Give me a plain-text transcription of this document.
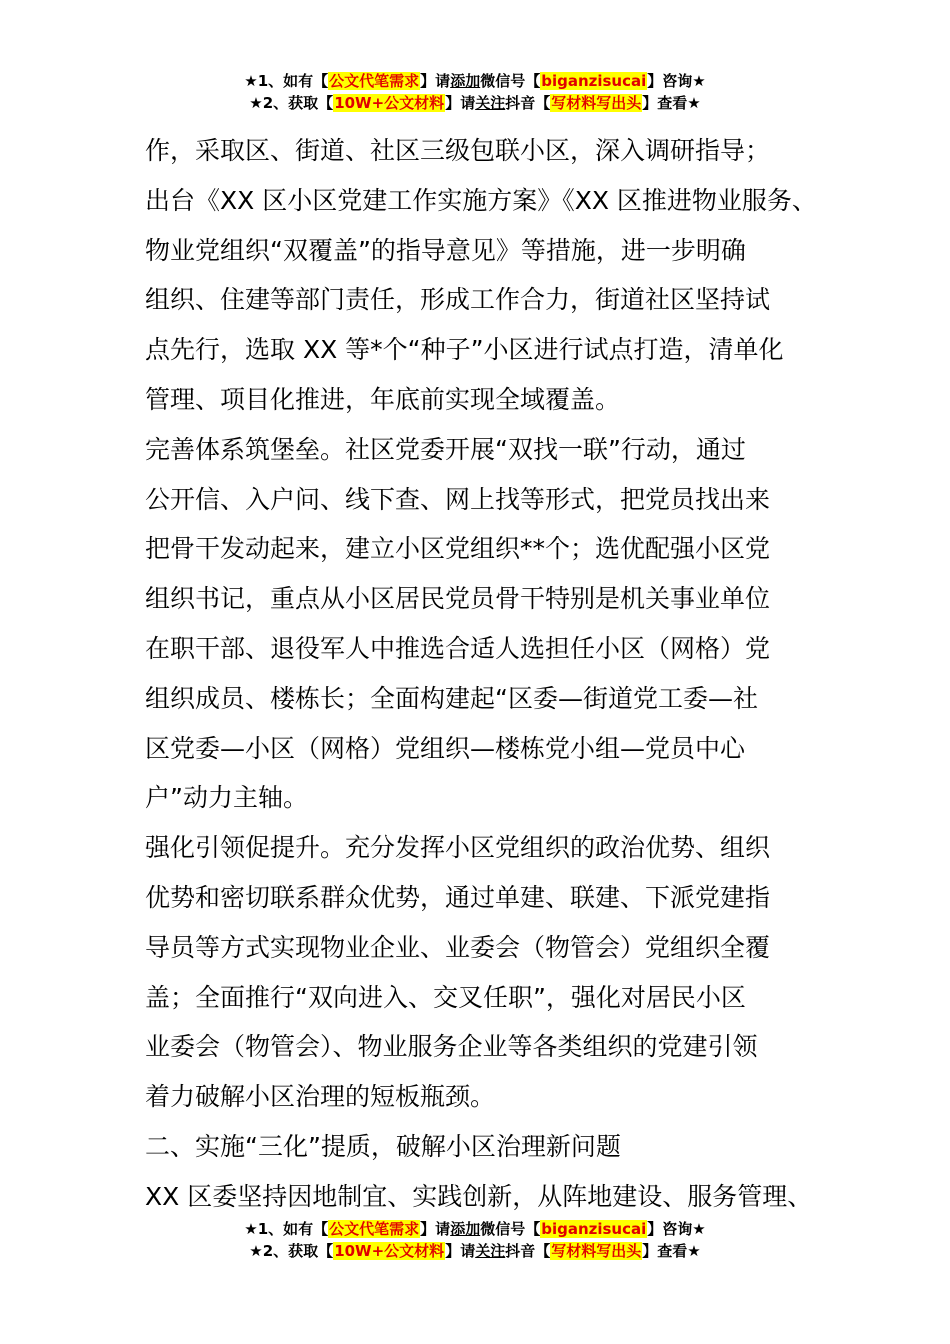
★1、如有【公文代笔需求】请添加微信号【biganzisucai】咨询★
★2、获取【10W+公文材料】请关注抖音【写材料写出头】查看★

作，采取区、街道、社区三级包联小区，深入调研指导；

出台《XX 区小区党建工作实施方案》《XX 区推进物业服务、

物业党组织“双覆盖”的指导意见》等措施，进一步明确

组织、住建等部门责任，形成工作合力，街道社区坚持试

点先行，选取 XX 等*个“种子”小区进行试点打造，清单化

管理、项目化推进，年底前实现全域覆盖。

完善体系筑堡垒。社区党委开展“双找一联”行动，通过

公开信、入户问、线下查、网上找等形式，把党员找出来

把骨干发动起来，建立小区党组织**个；选优配强小区党

组织书记，重点从小区居民党员骨干特别是机关事业单位

在职干部、退役军人中推选合适人选担任小区（网格）党

组织成员、楼栋长；全面构建起“区委—街道党工委—社

区党委—小区（网格）党组织—楼栋党小组—党员中心

户”动力主轴。

强化引领促提升。充分发挥小区党组织的政治优势、组织

优势和密切联系群众优势，通过单建、联建、下派党建指

导员等方式实现物业企业、业委会（物管会）党组织全覆

盖；全面推行“双向进入、交叉任职”，强化对居民小区

业委会（物管会）、物业服务企业等各类组织的党建引领

着力破解小区治理的短板瓶颈。

二、实施“三化”提质，破解小区治理新问题

XX 区委坚持因地制宜、实践创新，从阵地建设、服务管理、

★1、如有【公文代笔需求】请添加微信号【biganzisucai】咨询★
★2、获取【10W+公文材料】请关注抖音【写材料写出头】查看★
